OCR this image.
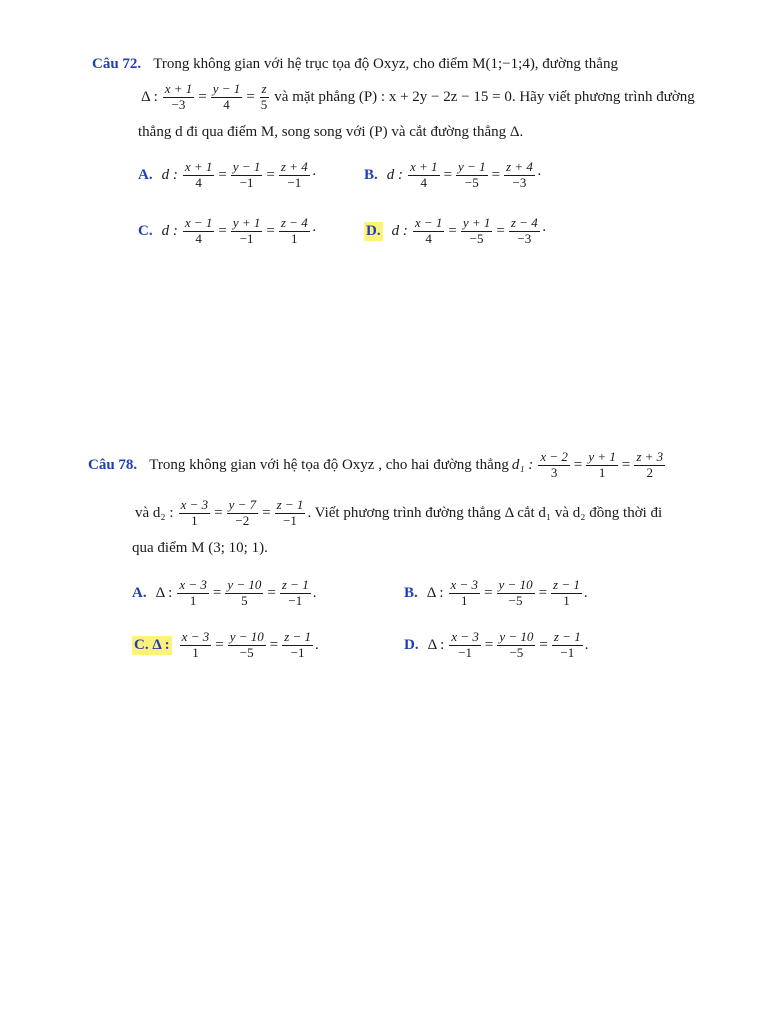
Câu 72. Trong không gian với hệ trục tọa độ Oxyz, cho điểm M(1;−1;4), đường thẳng
Δ : $\frac{x + 1}{-3} = \frac{y - 1}{4} = \frac{z}{5}$ và mặt phẳng (P) : x + 2y − 2z − 15 = 0. Hãy viết phương trình đường
thẳng d đi qua điểm M, song song với (P) và cắt đường thẳng Δ.
A. d : $\frac{x + 1}{4} = \frac{y - 1}{-1} = \frac{z + 4}{-1}$ ·	B. d : $\frac{x + 1}{4} = \frac{y - 1}{-5} = \frac{z + 4}{-3}$ ·
C. d : $\frac{x - 1}{4} = \frac{y + 1}{-1} = \frac{z - 4}{1}$ ·	D. d : $\frac{x - 1}{4} = \frac{y + 1}{-5} = \frac{z - 4}{-3}$ ·
Câu 78. Trong không gian với hệ tọa độ Oxyz , cho hai đường thẳng d₁ : $\frac{x - 2}{3} = \frac{y + 1}{1} = \frac{z + 3}{2}$
và d₂ : $\frac{x - 3}{1} = \frac{y - 7}{-2} = \frac{z - 1}{-1}$ . Viết phương trình đường thẳng Δ cắt d₁ và d₂ đồng thời đi
qua điểm M (3; 10; 1).
A. Δ : $\frac{x - 3}{1} = \frac{y - 10}{5} = \frac{z - 1}{-1}$ .	B. Δ : $\frac{x - 3}{1} = \frac{y - 10}{-5} = \frac{z - 1}{1}$ .
C. Δ : $\frac{x - 3}{1} = \frac{y - 10}{-5} = \frac{z - 1}{-1}$ .	D. Δ : $\frac{x - 3}{-1} = \frac{y - 10}{-5} = \frac{z - 1}{-1}$ .
